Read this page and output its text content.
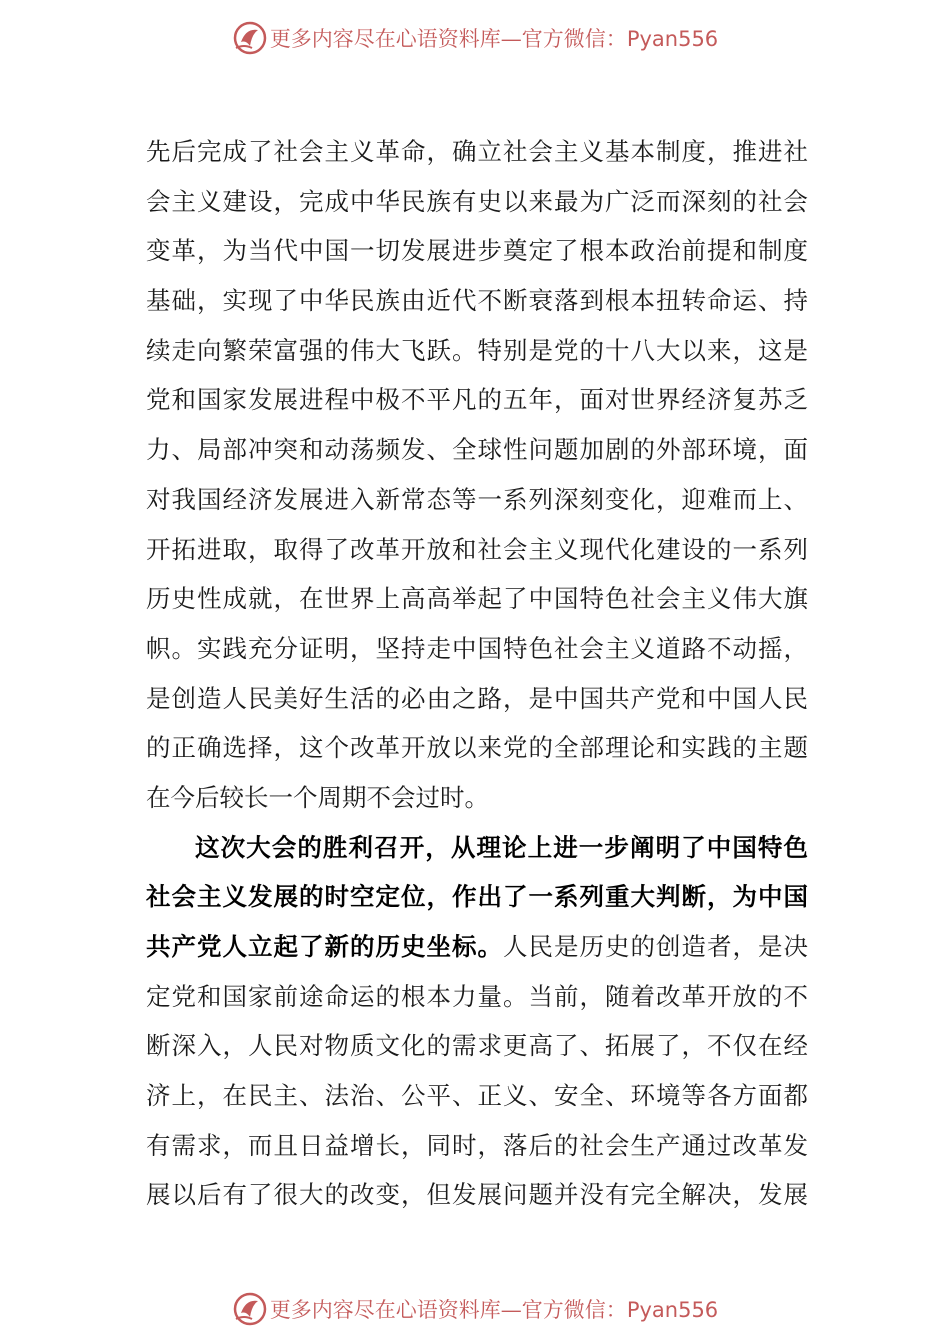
更多内容尽在心语资料库—官方微信：Pyan556
先后完成了社会主义革命，确立社会主义基本制度，推进社
会主义建设，完成中华民族有史以来最为广泛而深刻的社会
变革，为当代中国一切发展进步奠定了根本政治前提和制度
基础，实现了中华民族由近代不断衰落到根本扭转命运、持
续走向繁荣富强的伟大飞跃。特别是党的十八大以来，这是
党和国家发展进程中极不平凡的五年，面对世界经济复苏乏
力、局部冲突和动荡频发、全球性问题加剧的外部环境，面
对我国经济发展进入新常态等一系列深刻变化，迎难而上、
开拓进取，取得了改革开放和社会主义现代化建设的一系列
历史性成就，在世界上高高举起了中国特色社会主义伟大旗
帜。实践充分证明，坚持走中国特色社会主义道路不动摇，
是创造人民美好生活的必由之路，是中国共产党和中国人民
的正确选择，这个改革开放以来党的全部理论和实践的主题
在今后较长一个周期不会过时。
这次大会的胜利召开，从理论上进一步阐明了中国特色
社会主义发展的时空定位，作出了一系列重大判断，为中国
共产党人立起了新的历史坐标。人民是历史的创造者，是决
定党和国家前途命运的根本力量。当前，随着改革开放的不
断深入，人民对物质文化的需求更高了、拓展了，不仅在经
济上，在民主、法治、公平、正义、安全、环境等各方面都
有需求，而且日益增长，同时，落后的社会生产通过改革发
展以后有了很大的改变，但发展问题并没有完全解决，发展
更多内容尽在心语资料库—官方微信：Pyan556
